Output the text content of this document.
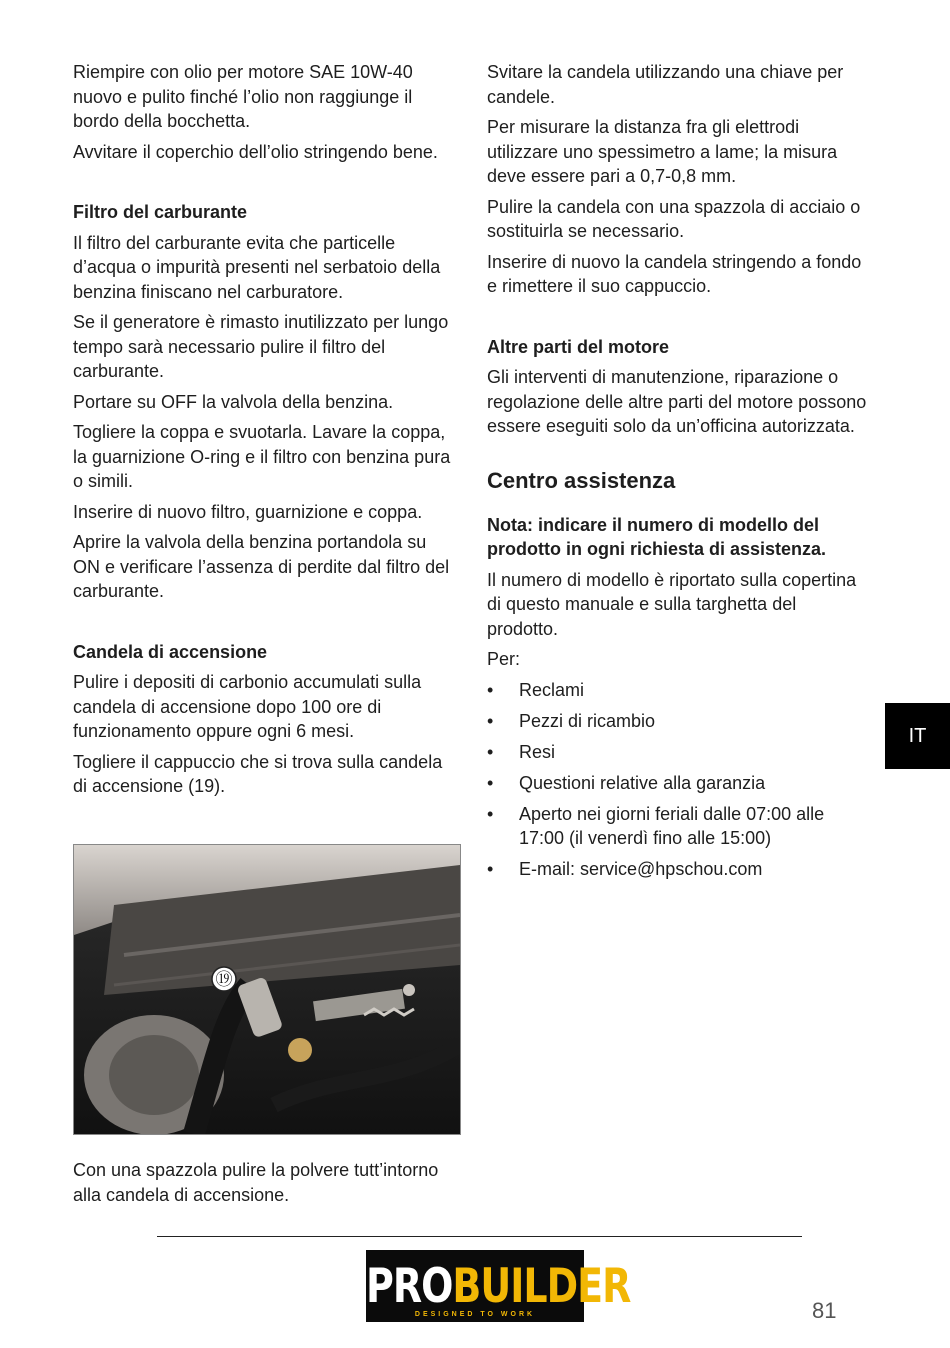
Riempire con olio per motore SAE 10W-40 nuovo e pulito finché l’olio non raggiunge il bordo della bocchetta.

Avvitare il coperchio dell’olio stringendo bene.

Filtro del carburante

Il filtro del carburante evita che particelle d’acqua o impurità presenti nel serbatoio della benzina finiscano nel carburatore.

Se il generatore è rimasto inutilizzato per lungo tempo sarà necessario pulire il filtro del carburante.

Portare su OFF la valvola della benzina.

Togliere la coppa e svuotarla. Lavare la coppa, la guarnizione O-ring e il filtro con benzina pura o simili.

Inserire di nuovo filtro, guarnizione e coppa.

Aprire la valvola della benzina portandola su ON e verificare l’assenza di perdite dal filtro del carburante.

Candela di accensione

Pulire i depositi di carbonio accumulati sulla candela di accensione dopo 100 ore di funzionamento oppure ogni 6 mesi.

Togliere il cappuccio che si trova sulla candela di accensione (19).

⑲

Con una spazzola pulire la polvere tutt’intorno alla candela di accensione.

Svitare la candela utilizzando una chiave per candele.

Per misurare la distanza fra gli elettrodi utilizzare uno spessimetro a lame; la misura deve essere pari a 0,7-0,8 mm.

Pulire la candela con una spazzola di acciaio o sostituirla se necessario.

Inserire di nuovo la candela stringendo a fondo e rimettere il suo cappuccio.

Altre parti del motore

Gli interventi di manutenzione, riparazione o regolazione delle altre parti del motore possono essere eseguiti solo da un’officina autorizzata.

Centro assistenza
Nota: indicare il numero di modello del prodotto in ogni richiesta di assistenza.

Il numero di modello è riportato sulla copertina di questo manuale e sulla targhetta del prodotto.

Per:

• Reclami
• Pezzi di ricambio
• Resi
• Questioni relative alla garanzia
• Aperto nei giorni feriali dalle 07:00 alle 17:00 (il venerdì fino alle 15:00)
• E-mail: service@hpschou.com
IT
PROBUILDER
DESIGNED TO WORK	81
